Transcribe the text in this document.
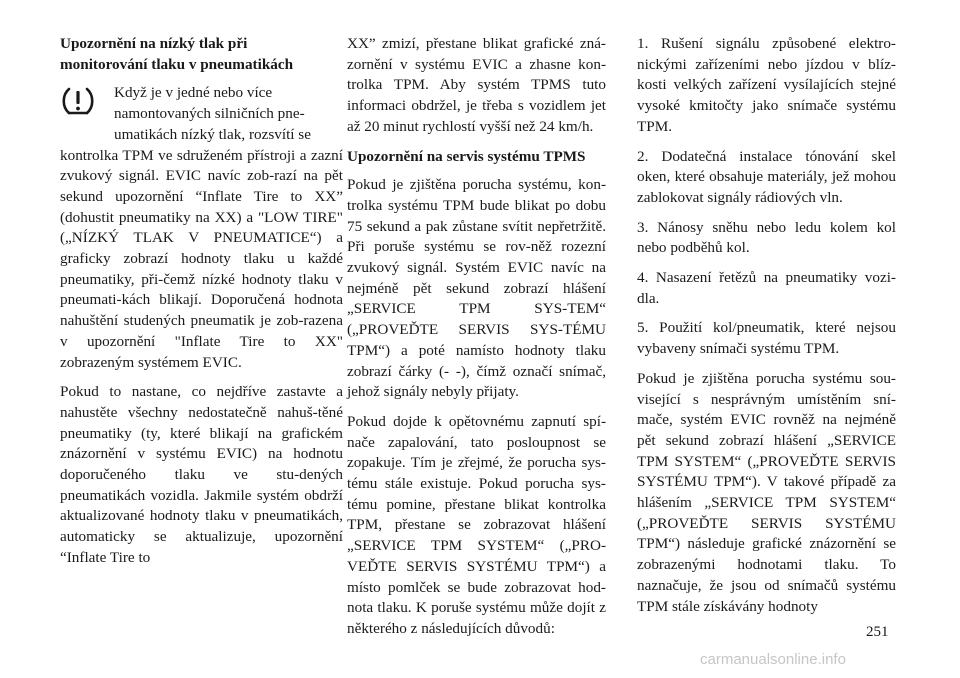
Upozornění na nízký tlak při
monitorování tlaku v pneumatikách
Když je v jedné nebo více
namontovaných silničních pne-
umatikách nízký tlak, rozsvítí se

kontrolka TPM ve sdruženém přístroji a zazní zvukový signál. EVIC navíc zob-razí na pět sekund upozornění “Inflate Tire to XX” (dohustit pneumatiky na XX) a "LOW TIRE" („NÍZKÝ TLAK V PNEUMATICE“) a graficky zobrazí hodnoty tlaku u každé pneumatiky, při-čemž nízké hodnoty tlaku v pneumati-kách blikají. Doporučená hodnota nahuštění studených pneumatik je zob-razena v upozornění "Inflate Tire to XX" zobrazeným systémem EVIC.

Pokud to nastane, co nejdříve zastavte a nahustěte všechny nedostatečně nahuš-těné pneumatiky (ty, které blikají na grafickém znázornění v systému EVIC) na hodnotu doporučeného tlaku ve stu-dených pneumatikách vozidla. Jakmile systém obdrží aktualizované hodnoty tlaku v pneumatikách, automaticky se aktualizuje, upozornění “Inflate Tire to

XX” zmizí, přestane blikat grafické zná-zornění v systému EVIC a zhasne kon-trolka TPM. Aby systém TPMS tuto informaci obdržel, je třeba s vozidlem jet až 20 minut rychlostí vyšší než 24 km/h.

Upozornění na servis systému TPMS

Pokud je zjištěna porucha systému, kon-trolka systému TPM bude blikat po dobu 75 sekund a pak zůstane svítit nepřetržitě. Při poruše systému se rov-něž rozezní zvukový signál. Systém EVIC navíc na nejméně pět sekund zobrazí hlášení „SERVICE TPM SYS-TEM“ („PROVEĎTE SERVIS SYS-TÉMU TPM“) a poté namísto hodnoty tlaku zobrazí čárky (- -), čímž označí snímač, jehož signály nebyly přijaty.

Pokud dojde k opětovnému zapnutí spí-nače zapalování, tato posloupnost se zopakuje. Tím je zřejmé, že porucha sys-tému stále existuje. Pokud porucha sys-tému pomine, přestane blikat kontrolka TPM, přestane se zobrazovat hlášení „SERVICE TPM SYSTEM“ („PRO-VEĎTE SERVIS SYSTÉMU TPM“) a místo pomlček se bude zobrazovat hod-nota tlaku. K poruše systému může dojít z některého z následujících důvodů:

1. Rušení signálu způsobené elektro-nickými zařízeními nebo jízdou v blíz-kosti velkých zařízení vysílajících stejné vysoké kmitočty jako snímače systému TPM.

2. Dodatečná instalace tónování skel oken, které obsahuje materiály, jež mohou zablokovat signály rádiových vln.

3. Nánosy sněhu nebo ledu kolem kol nebo podběhů kol.

4. Nasazení řetězů na pneumatiky vozi-dla.

5. Použití kol/pneumatik, které nejsou vybaveny snímači systému TPM.

Pokud je zjištěna porucha systému sou-visející s nesprávným umístěním sní-mače, systém EVIC rovněž na nejméně pět sekund zobrazí hlášení „SERVICE TPM SYSTEM“ („PROVEĎTE SERVIS SYSTÉMU TPM“). V takové případě za hlášením „SERVICE TPM SYSTEM“ („PROVEĎTE SERVIS SYSTÉMU TPM“) následuje grafické znázornění se zobrazenými hodnotami tlaku. To naznačuje, že jsou od snímačů systému TPM stále získávány hodnoty

251
carmanualsonline.info
